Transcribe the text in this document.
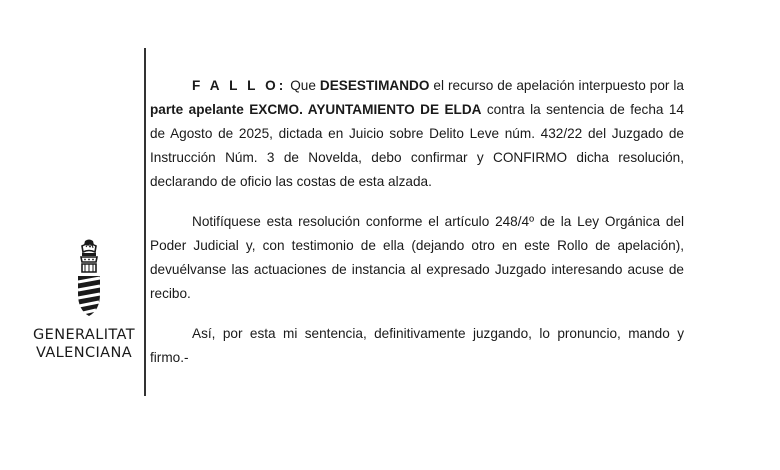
GENERALITAT
VALENCIANA

F A L L O: Que DESESTIMANDO el recurso de apelación interpuesto por la parte apelante EXCMO. AYUNTAMIENTO DE ELDA contra la sentencia de fecha 14 de Agosto de 2025, dictada en Juicio sobre Delito Leve núm. 432/22 del Juzgado de Instrucción Núm. 3 de Novelda, debo confirmar y CONFIRMO dicha resolución, declarando de oficio las costas de esta alzada.

Notifíquese esta resolución conforme el artículo 248/4º de la Ley Orgánica del Poder Judicial y, con testimonio de ella (dejando otro en este Rollo de apelación), devuélvanse las actuaciones de instancia al expresado Juzgado interesando acuse de recibo.

Así, por esta mi sentencia, definitivamente juzgando, lo pronuncio, mando y firmo.-
